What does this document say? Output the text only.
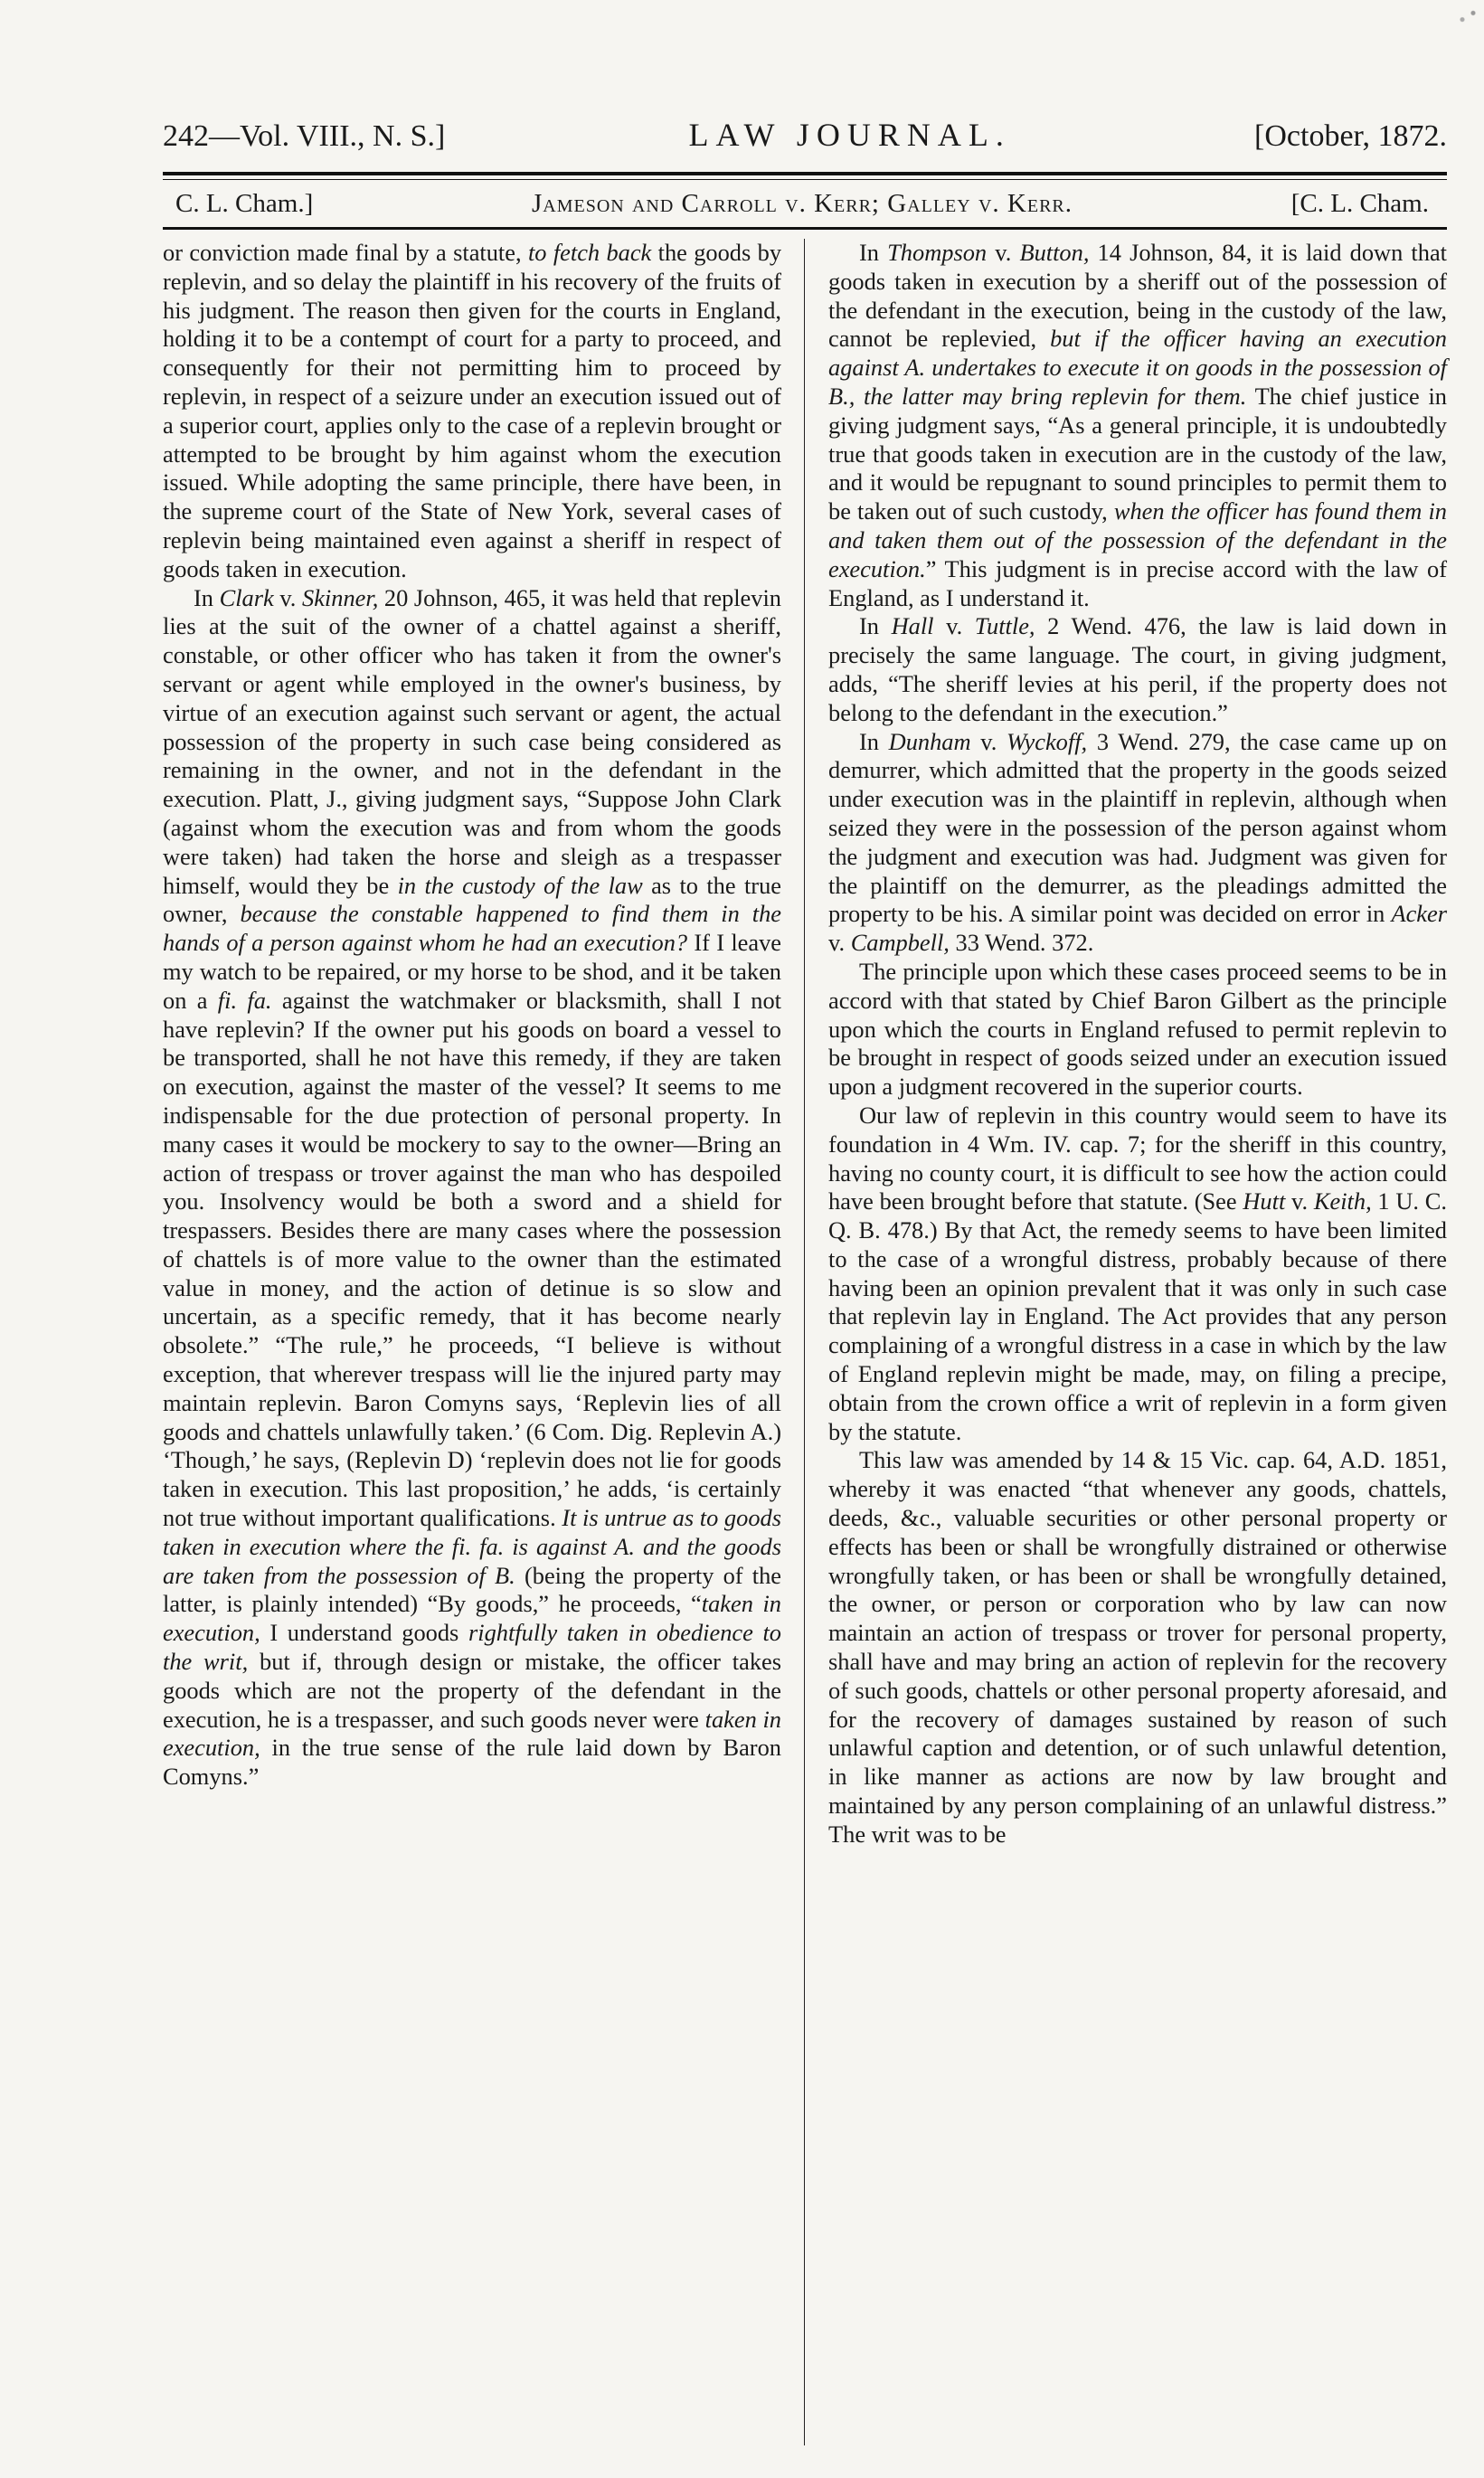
242—Vol. VIII., N. S.]	LAW JOURNAL.	[October, 1872.
C. L. Cham.]	Jameson and Carroll v. Kerr; Galley v. Kerr.	[C. L. Cham.

or conviction made final by a statute, to fetch back the goods by replevin, and so delay the plaintiff in his recovery of the fruits of his judgment. The reason then given for the courts in England, holding it to be a contempt of court for a party to proceed, and consequently for their not permitting him to proceed by replevin, in respect of a seizure under an execution issued out of a superior court, applies only to the case of a replevin brought or attempted to be brought by him against whom the execution issued. While adopting the same principle, there have been, in the supreme court of the State of New York, several cases of replevin being maintained even against a sheriff in respect of goods taken in execution.

In Clark v. Skinner, 20 Johnson, 465, it was held that replevin lies at the suit of the owner of a chattel against a sheriff, constable, or other officer who has taken it from the owner's servant or agent while employed in the owner's business, by virtue of an execution against such servant or agent, the actual possession of the property in such case being considered as remaining in the owner, and not in the defendant in the execution. Platt, J., giving judgment says, “Suppose John Clark (against whom the execution was and from whom the goods were taken) had taken the horse and sleigh as a trespasser himself, would they be in the custody of the law as to the true owner, because the constable happened to find them in the hands of a person against whom he had an execution? If I leave my watch to be repaired, or my horse to be shod, and it be taken on a fi. fa. against the watchmaker or blacksmith, shall I not have replevin? If the owner put his goods on board a vessel to be transported, shall he not have this remedy, if they are taken on execution, against the master of the vessel? It seems to me indispensable for the due protection of personal property. In many cases it would be mockery to say to the owner—Bring an action of trespass or trover against the man who has despoiled you. Insolvency would be both a sword and a shield for trespassers. Besides there are many cases where the possession of chattels is of more value to the owner than the estimated value in money, and the action of detinue is so slow and uncertain, as a specific remedy, that it has become nearly obsolete.” “The rule,” he proceeds, “I believe is without exception, that wherever trespass will lie the injured party may maintain replevin. Baron Comyns says, ‘Replevin lies of all goods and chattels unlawfully taken.’ (6 Com. Dig. Replevin A.) ‘Though,’ he says, (Replevin D) ‘replevin does not lie for goods taken in execution. This last proposition,’ he adds, ‘is certainly not true without important qualifications. It is untrue as to goods taken in execution where the fi. fa. is against A. and the goods are taken from the possession of B. (being the property of the latter, is plainly intended) “By goods,” he proceeds, “taken in execution, I understand goods rightfully taken in obedience to the writ, but if, through design or mistake, the officer takes goods which are not the property of the defendant in the execution, he is a trespasser, and such goods never were taken in execution, in the true sense of the rule laid down by Baron Comyns.”

In Thompson v. Button, 14 Johnson, 84, it is laid down that goods taken in execution by a sheriff out of the possession of the defendant in the execution, being in the custody of the law, cannot be replevied, but if the officer having an execution against A. undertakes to execute it on goods in the possession of B., the latter may bring replevin for them. The chief justice in giving judgment says, “As a general principle, it is undoubtedly true that goods taken in execution are in the custody of the law, and it would be repugnant to sound principles to permit them to be taken out of such custody, when the officer has found them in and taken them out of the possession of the defendant in the execution.” This judgment is in precise accord with the law of England, as I understand it.

In Hall v. Tuttle, 2 Wend. 476, the law is laid down in precisely the same language. The court, in giving judgment, adds, “The sheriff levies at his peril, if the property does not belong to the defendant in the execution.”

In Dunham v. Wyckoff, 3 Wend. 279, the case came up on demurrer, which admitted that the property in the goods seized under execution was in the plaintiff in replevin, although when seized they were in the possession of the person against whom the judgment and execution was had. Judgment was given for the plaintiff on the demurrer, as the pleadings admitted the property to be his. A similar point was decided on error in Acker v. Campbell, 33 Wend. 372.

The principle upon which these cases proceed seems to be in accord with that stated by Chief Baron Gilbert as the principle upon which the courts in England refused to permit replevin to be brought in respect of goods seized under an execution issued upon a judgment recovered in the superior courts.

Our law of replevin in this country would seem to have its foundation in 4 Wm. IV. cap. 7; for the sheriff in this country, having no county court, it is difficult to see how the action could have been brought before that statute. (See Hutt v. Keith, 1 U. C. Q. B. 478.) By that Act, the remedy seems to have been limited to the case of a wrongful distress, probably because of there having been an opinion prevalent that it was only in such case that replevin lay in England. The Act provides that any person complaining of a wrongful distress in a case in which by the law of England replevin might be made, may, on filing a precipe, obtain from the crown office a writ of replevin in a form given by the statute.

This law was amended by 14 & 15 Vic. cap. 64, A.D. 1851, whereby it was enacted “that whenever any goods, chattels, deeds, &c., valuable securities or other personal property or effects has been or shall be wrongfully distrained or otherwise wrongfully taken, or has been or shall be wrongfully detained, the owner, or person or corporation who by law can now maintain an action of trespass or trover for personal property, shall have and may bring an action of replevin for the recovery of such goods, chattels or other personal property aforesaid, and for the recovery of damages sustained by reason of such unlawful caption and detention, or of such unlawful detention, in like manner as actions are now by law brought and maintained by any person complaining of an unlawful distress.” The writ was to be
